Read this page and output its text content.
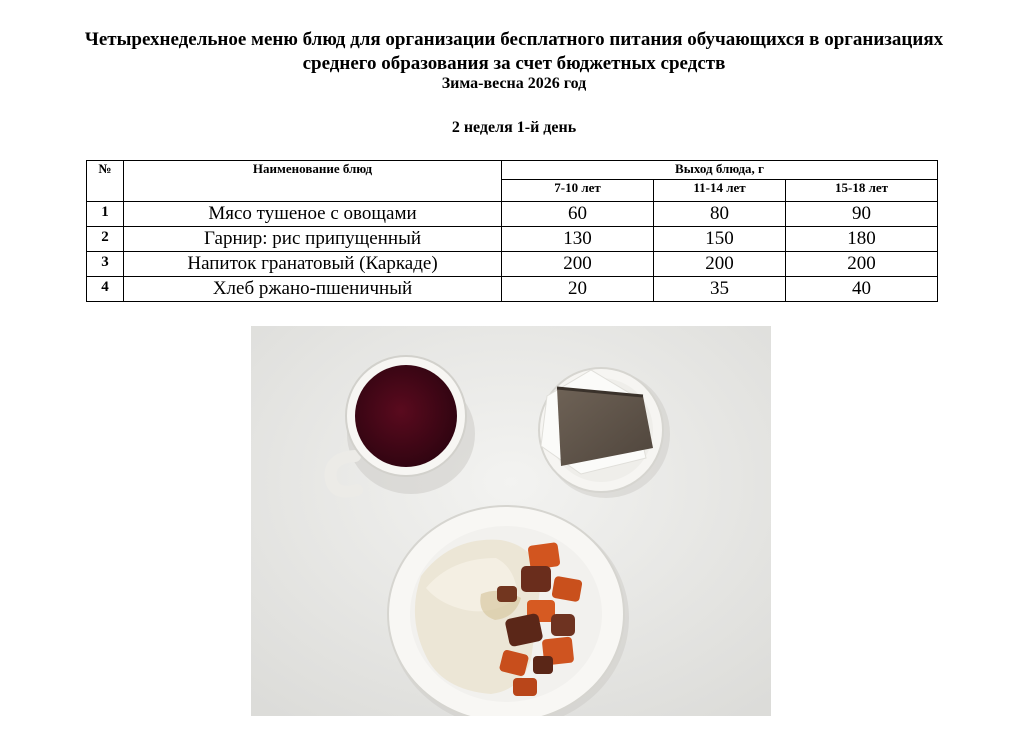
Четырехнедельное меню блюд для организации бесплатного питания обучающихся в организациях
среднего образования за счет бюджетных средств
Зима-весна 2026 год
2 неделя 1-й день
№	Наименование блюд	Выход блюда, г		
		7-10 лет	11-14 лет	15-18 лет
1	Мясо тушеное с овощами	60	80	90
2	Гарнир: рис припущенный	130	150	180
3	Напиток гранатовый (Каркаде)	200	200	200
4	Хлеб ржано-пшеничный	20	35	40
